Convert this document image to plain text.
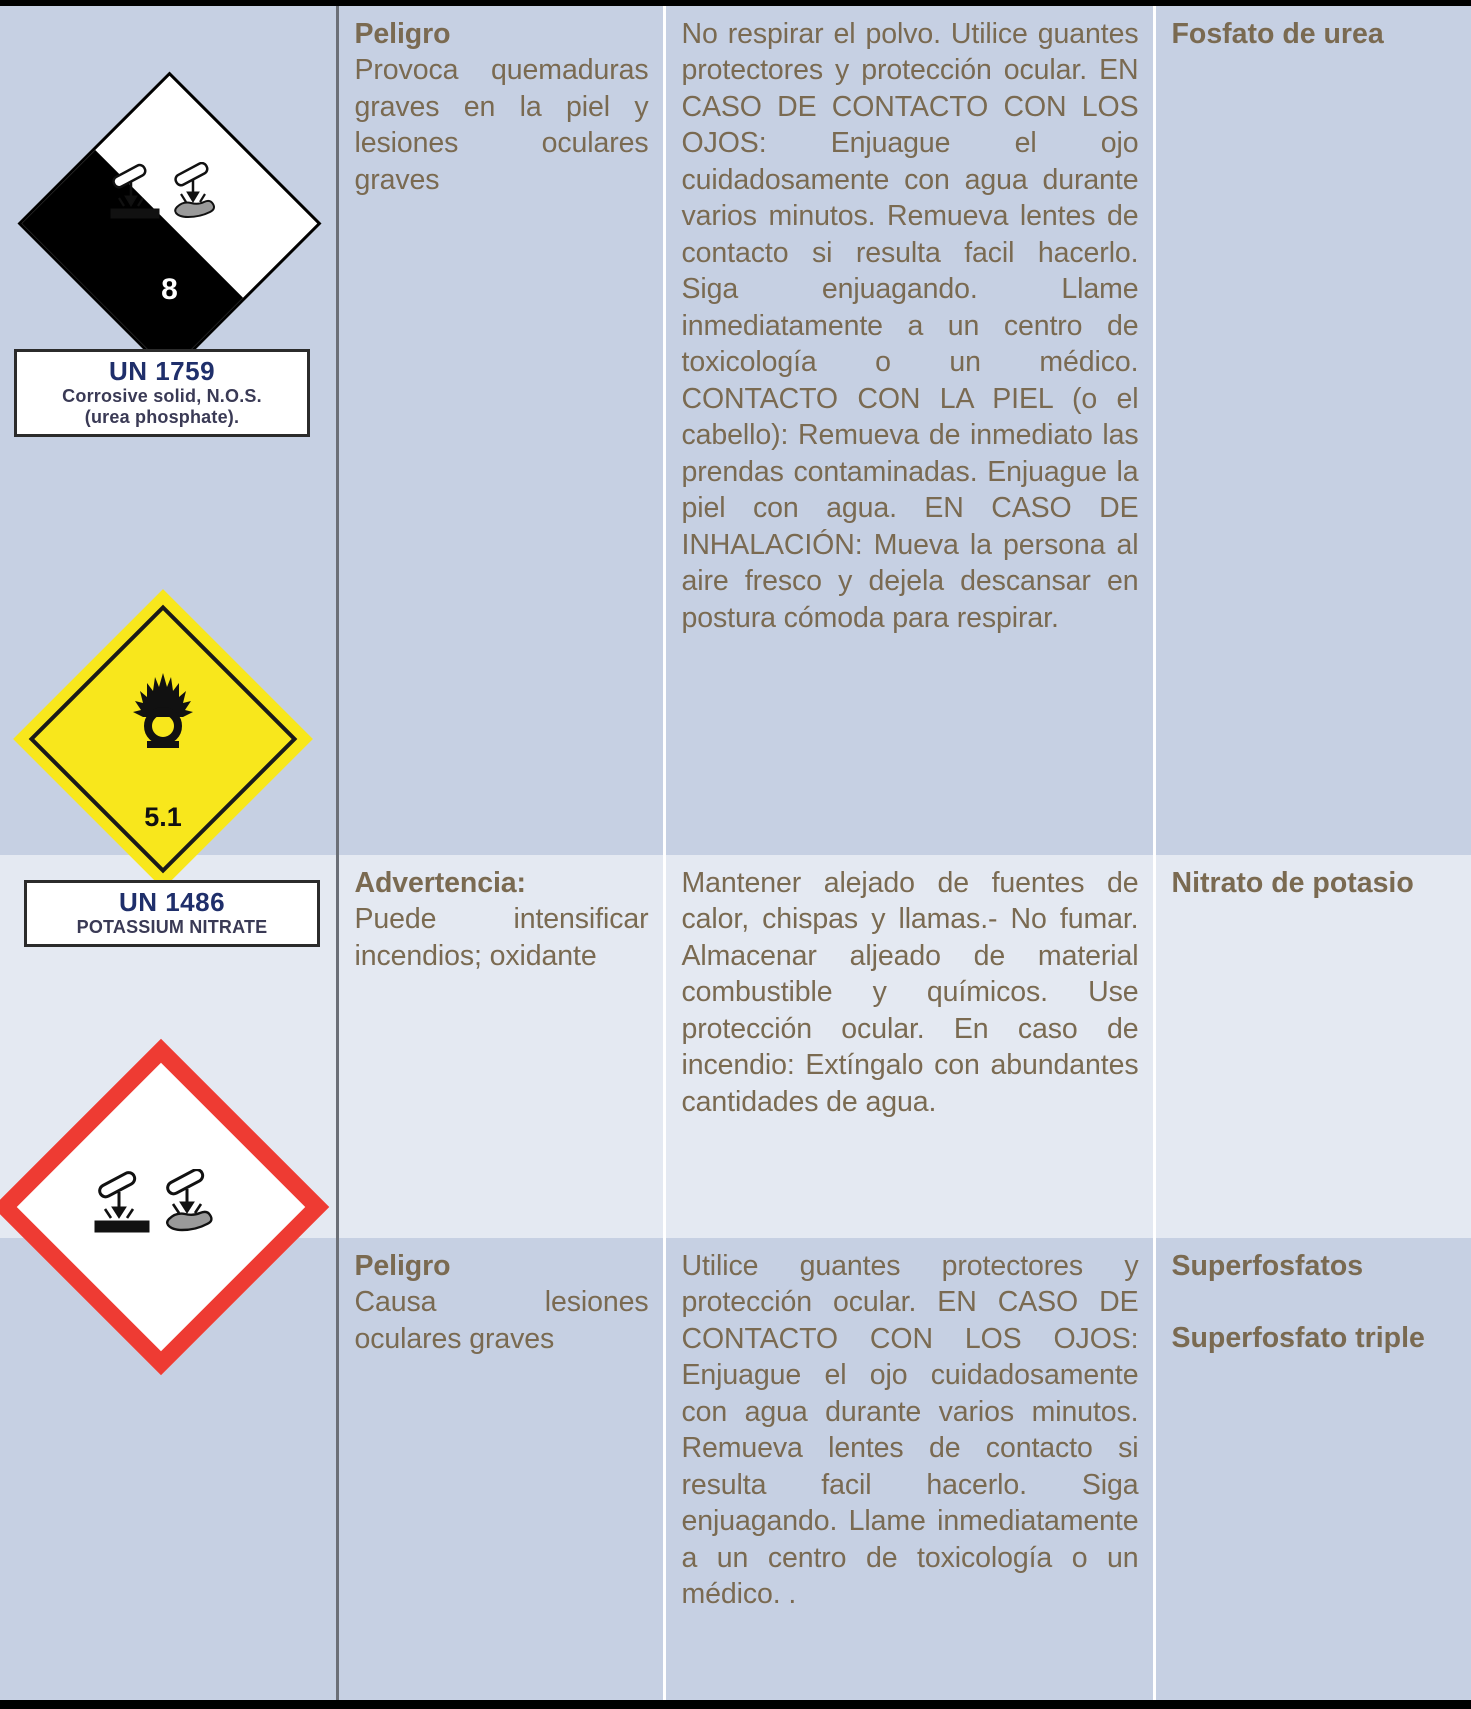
Peligro
Provoca quemaduras graves en la piel y lesiones oculares graves

No respirar el polvo. Utilice guantes protectores y protección ocular. EN CASO DE CONTACTO CON LOS OJOS: Enjuague el ojo cuidadosamente con agua durante varios minutos. Remueva lentes de contacto si resulta facil hacerlo. Siga enjuagando. Llame inmediatamente a un centro de toxicología o un médico. CONTACTO CON LA PIEL (o el cabello): Remueva de inmediato las prendas contaminadas. Enjuague la piel con agua. EN CASO DE INHALACIÓN: Mueva la persona al aire fresco y dejela descansar en postura cómoda para respirar.

Fosfato de urea

Advertencia:
Puede intensificar incendios; oxidante

Mantener alejado de fuentes de calor, chispas y llamas.- No fumar. Almacenar aljeado de material combustible y químicos. Use protección ocular. En caso de incendio: Extíngalo con abundantes cantidades de agua.

Nitrato de potasio

Peligro
Causa lesiones oculares graves

Utilice guantes protectores y protección ocular. EN CASO DE CONTACTO CON LOS OJOS: Enjuague el ojo cuidadosamente con agua durante varios minutos. Remueva lentes de contacto si resulta facil hacerlo. Siga enjuagando. Llame inmediatamente a un centro de toxicología o un médico. .

Superfosfatos
Superfosfato triple

8
UN 1759
Corrosive solid, N.O.S.
(urea phosphate).
5.1
UN 1486
POTASSIUM NITRATE
